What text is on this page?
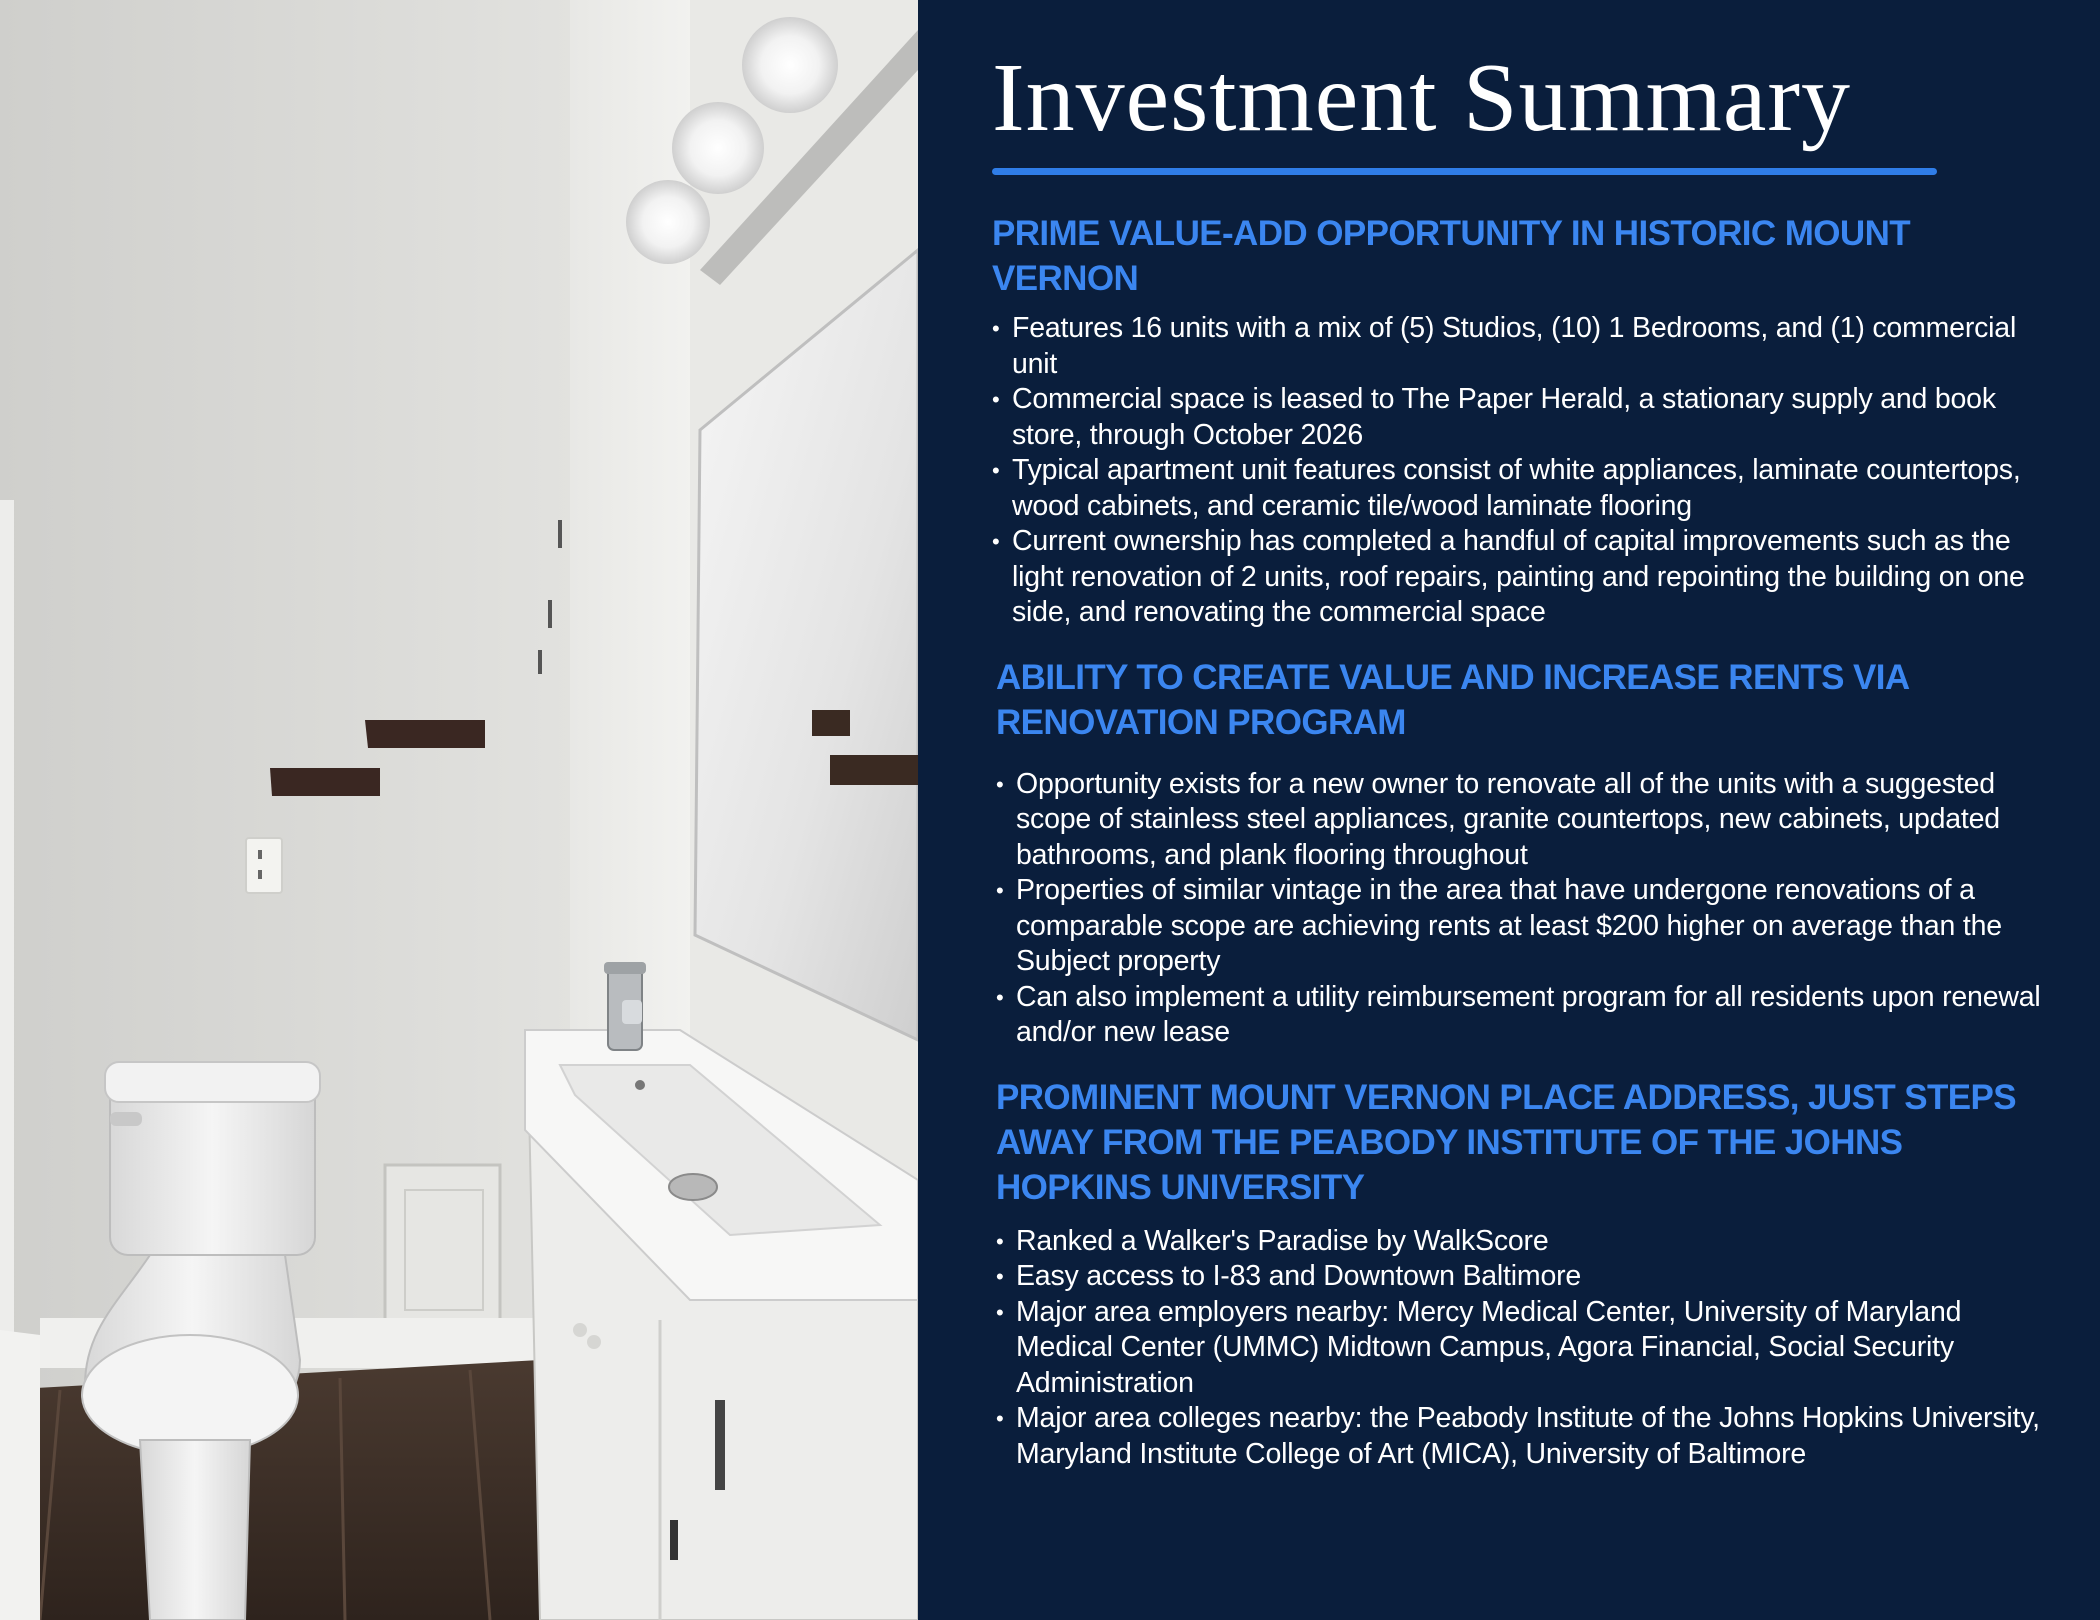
Investment Summary
PRIME VALUE-ADD OPPORTUNITY IN HISTORIC MOUNT VERNON
• Features 16 units with a mix of (5) Studios, (10) 1 Bedrooms, and (1) commercial unit
• Commercial space is leased to The Paper Herald, a stationary supply and book store, through October 2026
• Typical apartment unit features consist of white appliances, laminate countertops, wood cabinets, and ceramic tile/wood laminate flooring
• Current ownership has completed a handful of capital improvements such as the light renovation of 2 units, roof repairs, painting and repointing the building on one side, and renovating the commercial space
ABILITY TO CREATE VALUE AND INCREASE RENTS VIA RENOVATION PROGRAM
• Opportunity exists for a new owner to renovate all of the units with a suggested scope of stainless steel appliances, granite countertops, new cabinets, updated bathrooms, and plank flooring throughout
• Properties of similar vintage in the area that have undergone renovations of a comparable scope are achieving rents at least $200 higher on average than the Subject property
• Can also implement a utility reimbursement program for all residents upon renewal and/or new lease
PROMINENT MOUNT VERNON PLACE ADDRESS, JUST STEPS AWAY FROM THE PEABODY INSTITUTE OF THE JOHNS HOPKINS UNIVERSITY
• Ranked a Walker's Paradise by WalkScore
• Easy access to I-83 and Downtown Baltimore
• Major area employers nearby: Mercy Medical Center, University of Maryland Medical Center (UMMC) Midtown Campus, Agora Financial, Social Security Administration
• Major area colleges nearby: the Peabody Institute of the Johns Hopkins University, Maryland Institute College of Art (MICA), University of Baltimore
